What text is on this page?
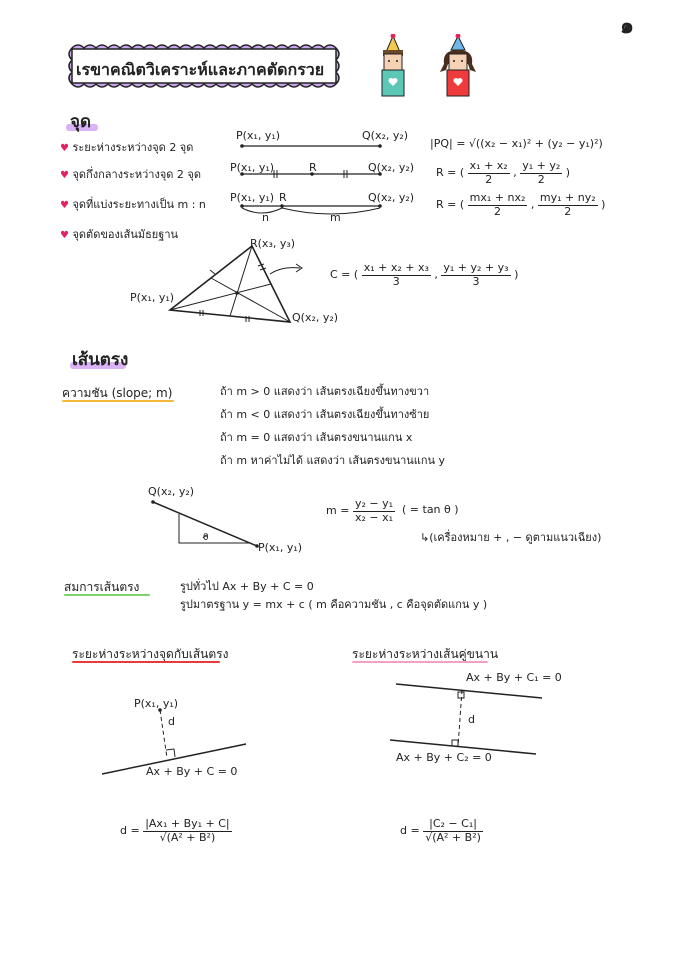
๑
เรขาคณิตวิเคราะห์และภาคตัดกรวย
จุด
♥ ระยะห่างระหว่างจุด 2 จุด
♥ จุดกึ่งกลางระหว่างจุด 2 จุด
♥ จุดที่แบ่งระยะทางเป็น m : n
♥ จุดตัดของเส้นมัธยฐาน
P(x₁, y₁)	Q(x₂, y₂)
P(x₁, y₁)	R	Q(x₂, y₂)
P(x₁, y₁) R	Q(x₂, y₂)
n	m
|PQ| = √((x₂ − x₁)² + (y₂ − y₁)²)
R = ( $\frac{\text{x₁ + x₂}}{2}$ , $\frac{\text{y₁ + y₂}}{2}$ )
R = ( $\frac{\text{mx₁ + nx₂}}{2}$ , $\frac{\text{my₁ + ny₂}}{2}$ )
R(x₃, y₃)
P(x₁, y₁)
Q(x₂, y₂)
C = ( $\frac{\text{x₁ + x₂ + x₃}}{3}$ , $\frac{\text{y₁ + y₂ + y₃}}{3}$ )
เส้นตรง
ความชัน (slope; m)	ถ้า m > 0 แสดงว่า เส้นตรงเฉียงขึ้นทางขวา
ถ้า m < 0 แสดงว่า เส้นตรงเฉียงขึ้นทางซ้าย
ถ้า m = 0 แสดงว่า เส้นตรงขนานแกน x
ถ้า m หาค่าไม่ได้ แสดงว่า เส้นตรงขนานแกน y
Q(x₂, y₂)
P(x₁, y₁)
θ
$m = \frac{\text{y₂ − y₁}}{\text{x₂ − x₁}}$ ( = tan θ )
↳(เครื่องหมาย + , − ดูตามแนวเฉียง)
สมการเส้นตรง	รูปทั่วไป Ax + By + C = 0
รูปมาตรฐาน y = mx + c ( m คือความชัน , c คือจุดตัดแกน y )
ระยะห่างระหว่างจุดกับเส้นตรง
P(x₁, y₁)
d
Ax + By + C = 0
$d = \frac{\text{|Ax₁ + By₁ + C|}}{\text{√(A² + B²)}}$
ระยะห่างระหว่างเส้นคู่ขนาน
Ax + By + C₁ = 0
d
Ax + By + C₂ = 0
$d = \frac{\text{|C₂ − C₁|}}{\text{√(A² + B²)}}$
